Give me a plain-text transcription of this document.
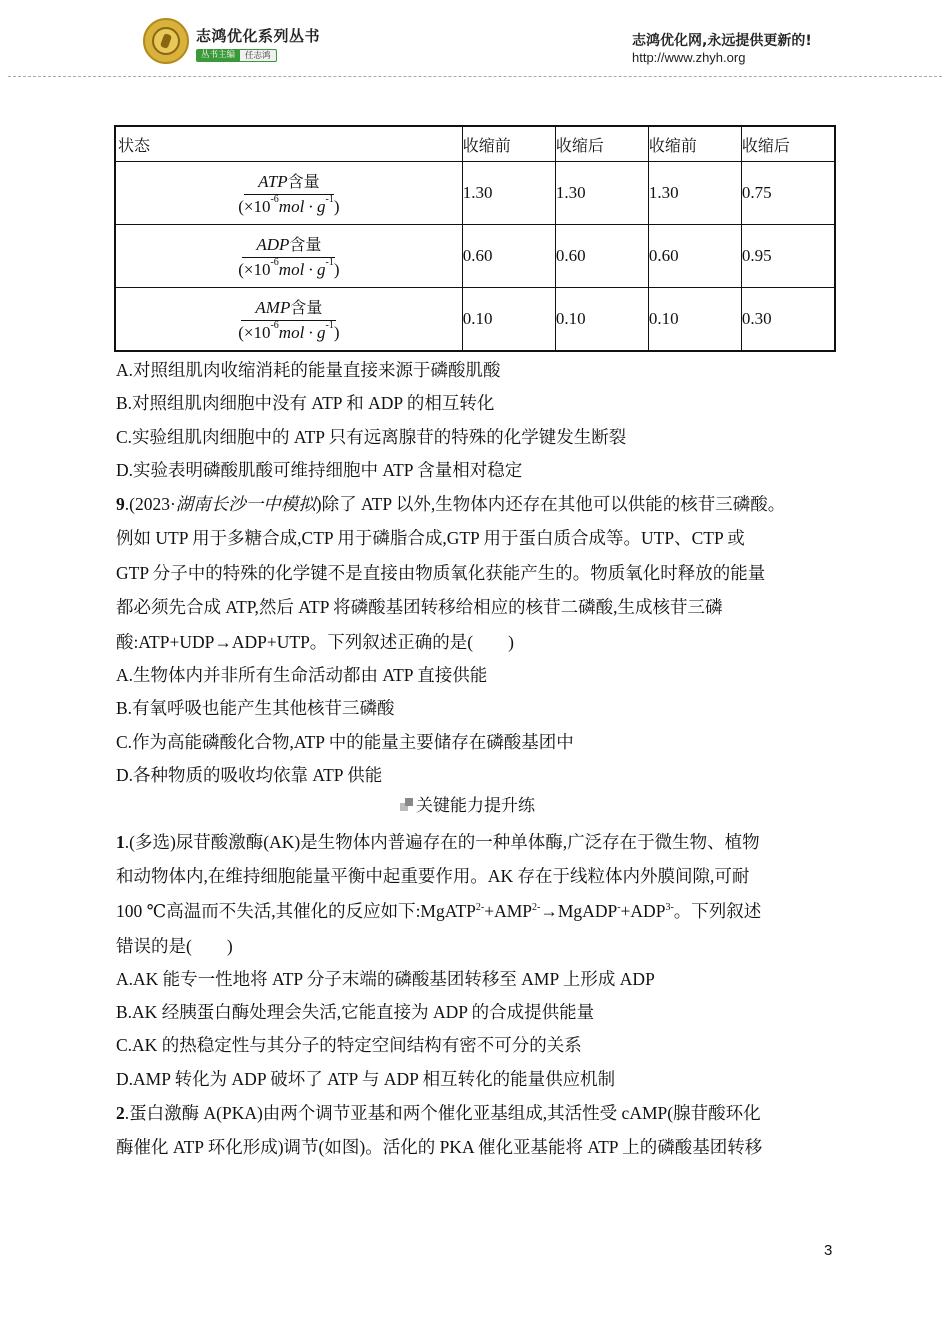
志鸿优化系列丛书
丛书主编	任志鸿
志鸿优化网,永远提供更新的!
http://www.zhyh.org
状态	收缩前	收缩后	收缩前	收缩后

ATP含量
$(\times 10^{-6}mol \cdot g^{-1})$	1.30	1.30	1.30	0.75

ADP含量
$(\times 10^{-6}mol \cdot g^{-1})$	0.60	0.60	0.60	0.95

AMP含量
$(\times 10^{-6}mol \cdot g^{-1})$	0.10	0.10	0.10	0.30
A.对照组肌肉收缩消耗的能量直接来源于磷酸肌酸
B.对照组肌肉细胞中没有 ATP 和 ADP 的相互转化
C.实验组肌肉细胞中的 ATP 只有远离腺苷的特殊的化学键发生断裂
D.实验表明磷酸肌酸可维持细胞中 ATP 含量相对稳定
9.(2023·湖南长沙一中模拟)除了 ATP 以外,生物体内还存在其他可以供能的核苷三磷酸。
例如 UTP 用于多糖合成,CTP 用于磷脂合成,GTP 用于蛋白质合成等。UTP、CTP 或
GTP 分子中的特殊的化学键不是直接由物质氧化获能产生的。物质氧化时释放的能量
都必须先合成 ATP,然后 ATP 将磷酸基团转移给相应的核苷二磷酸,生成核苷三磷
酸:ATP+UDP→ADP+UTP。下列叙述正确的是(　　)
A.生物体内并非所有生命活动都由 ATP 直接供能
B.有氧呼吸也能产生其他核苷三磷酸
C.作为高能磷酸化合物,ATP 中的能量主要储存在磷酸基团中
D.各种物质的吸收均依靠 ATP 供能
关键能力提升练
1.(多选)尿苷酸激酶(AK)是生物体内普遍存在的一种单体酶,广泛存在于微生物、植物
和动物体内,在维持细胞能量平衡中起重要作用。AK 存在于线粒体内外膜间隙,可耐
100 ℃高温而不失活,其催化的反应如下$:MgATP^{2-}+AMP^{2-}\to MgADP^-+ADP^{3-}$。下列叙述
错误的是(　　)
A.AK 能专一性地将 ATP 分子末端的磷酸基团转移至 AMP 上形成 ADP
B.AK 经胰蛋白酶处理会失活,它能直接为 ADP 的合成提供能量
C.AK 的热稳定性与其分子的特定空间结构有密不可分的关系
D.AMP 转化为 ADP 破坏了 ATP 与 ADP 相互转化的能量供应机制
2.蛋白激酶 A(PKA)由两个调节亚基和两个催化亚基组成,其活性受 cAMP(腺苷酸环化
酶催化 ATP 环化形成)调节(如图)。活化的 PKA 催化亚基能将 ATP 上的磷酸基团转移
3
